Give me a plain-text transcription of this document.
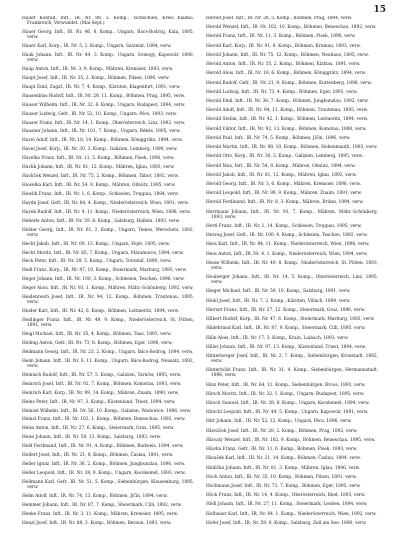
15

Hauer Konrad, Inft., IR. Nr. 88, 5. Komp., Tschechien, Kreis Kladno, Frankreich, Verwundet. (Mai-Sept.)

Hauer Georg, Inft., IR. Nr. 46, 8. Komp., Ungarn, Bács-Bodrog, Kula, 1895, verw.

Hauer Karl, Korp., IR. Nr. 5, 2. Komp., Ungarn, Szatmár, 1894, verw.

Hauk Johann, Inft., IR. Nr. 44, 3. Komp., Ungarn, Somogy, Kaposvár, 1890, verw.

Haup Anton, Inft., IR. Nr. 3, 9. Komp., Mähren, Kremsier, 1893, verw.

Haupt Josef, Inft., IR. Nr. 35, 2. Komp., Böhmen, Pilsen, 1896, verw.

Haupt Emil, Zugsf., IR. Nr. 7, 4. Komp., Kärnten, Klagenfurt, 1891, verw.

Hausenblas Rudolf, Inft., IR. Nr. 28, 11. Komp., Böhmen, Prag, 1895, verw.

Hauser Wilhelm, Inft., IR. Nr. 32, 6. Komp., Ungarn, Budapest, 1894, verw.

Hauser Ludwig, Gefr., IR. Nr. 52, 10. Komp., Ungarn, Pécs, 1893, verw.

Hauser Franz, Inft., IR. Nr. 14, 1. Komp., Oberösterreich, Linz, 1892, verw.

Hausner Johann, Inft., IR. Nr. 101, 7. Komp., Ungarn, Békés, 1895, verw.

Havel Adolf, Inft., IR. Nr. 18, 14. Komp., Böhmen, Königgrätz, 1894, verw.

Havel Josef, Korp., IR. Nr. 30, 3. Komp., Galizien, Lemberg, 1890, verw.

Havelka Franz, Inft., IR. Nr. 11, 5. Komp., Böhmen, Písek, 1896, verw.

Havlík Johann, Inft., IR. Nr. 81, 12. Komp., Mähren, Iglau, 1893, verw.

Havlíček Wenzel, Inft., IR. Nr. 75, 2. Komp., Böhmen, Tábor, 1892, verw.

Hawelka Karl, Inft., IR. Nr. 54, 9. Komp., Mähren, Olmütz, 1895, verw.

Hawlik Franz, Inft., IR. Nr. 1, 6. Komp., Schlesien, Troppau, 1894, verw.

Haydn Josef, Gefr., IR. Nr. 84, 4. Komp., Niederösterreich, Wien, 1891, verw.

Hayek Rudolf, Inft., IR. Nr. 4, 11. Komp., Niederösterreich, Wien, 1896, verw.

Heberle Anton, Inft., IR. Nr. 59, 8. Komp., Salzburg, Hallein, 1893, verw.

Hebler Georg, Inft., IR. Nr. 61, 2. Komp., Ungarn, Temes, Werschetz, 1892, verw.

Hecht Jakob, Inft., IR. Nr. 69, 13. Komp., Ungarn, Fejér, 1895, verw.

Hecht Moritz, Inft., IR. Nr. 85, 7. Komp., Ungarn, Máramaros, 1894, verw.

Heck Peter, Inft., IR. Nr. 29, 5. Komp., Ungarn, Torontál, 1890, verw.

Hedl Franz, Korp., IR. Nr. 47, 10. Komp., Steiermark, Marburg, 1893, verw.

Heger Johann, Inft., IR. Nr. 100, 3. Komp., Schlesien, Teschen, 1896, verw.

Heger Alois, Inft., IR. Nr. 93, 1. Komp., Mähren, Mähr.-Schönberg, 1892, verw.

Heidenreich Josef, Inft., IR. Nr. 94, 12. Komp., Böhmen, Trautenau, 1895, verw.

Heider Karl, Inft., IR. Nr. 42, 6. Komp., Böhmen, Leitmeritz, 1894, verw.

Heidinger Franz, Inft., IR. Nr. 49, 9. Komp., Niederösterreich, St. Pölten, 1891, verw.

Heigl Michael, Inft., IR. Nr. 35, 4. Komp., Böhmen, Taus, 1893, verw.

Heiling Anton, Gefr., IR. Nr. 73, 8. Komp., Böhmen, Eger, 1896, verw.

Heilmann Georg, Inft., IR. Nr. 23, 2. Komp., Ungarn, Bács-Bodrog, 1894, verw.

Heim Johann, Inft., IR. Nr. 6, 11. Komp., Ungarn, Bács-Bodrog, Neusatz, 1892, verw.

Heinisch Rudolf, Inft., IR. Nr. 57, 5. Komp., Galizien, Tarnów, 1895, verw.

Heinrich Josef, Inft., IR. Nr. 92, 7. Komp., Böhmen, Komotau, 1893, verw.

Heinrich Karl, Korp., IR. Nr. 99, 14. Komp., Mähren, Znaim, 1890, verw.

Heinz Peter, Inft., IR. Nr. 97, 3. Komp., Küstenland, Triest, 1894, verw.

Heinzel Wilhelm, Inft., IR. Nr. 56, 10. Komp., Galizien, Wadowice, 1896, verw.

Heinzl Franz, Inft., IR. Nr. 102, 1. Komp., Böhmen, Beneschau, 1892, verw.

Heiss Anton, Inft., IR. Nr. 27, 6. Komp., Steiermark, Graz, 1895, verw.

Heiss Johann, Inft., IR. Nr. 59, 12. Komp., Salzburg, 1893, verw.

Held Ferdinand, Inft., IR. Nr. 91, 4. Komp., Böhmen, Budweis, 1894, verw.

Helfert Josef, Inft., IR. Nr. 21, 8. Komp., Böhmen, Časlau, 1891, verw.

Heller Ignaz, Inft., IR. Nr. 36, 2. Komp., Böhmen, Jungbunzlau, 1896, verw.

Heller Leopold, Inft., IR. Nr. 38, 9. Komp., Ungarn, Kecskemét, 1893, verw.

Hellmann Karl, Gefr., IR. Nr. 51, 5. Komp., Siebenbürgen, Klausenburg, 1895, verw.

Helm Adolf, Inft., IR. Nr. 74, 13. Komp., Böhmen, Jičín, 1894, verw.

Hemmer Johann, Inft., IR. Nr. 87, 7. Komp., Steiermark, Cilli, 1892, verw.

Henke Franz, Inft., IR. Nr. 3, 11. Komp., Mähren, Kremsier, 1895, verw.

Henzl Josef, Inft., IR. Nr. 88, 3. Komp., Böhmen, Beraun, 1893, verw.

Herold Josef, Inft., IR. Nr. 28, 5. Komp., Böhmen, Prag, 1894, verw.

Herold Wenzel, Inft., IR. Nr. 102, 10. Komp., Böhmen, Beneschau, 1892, verw.

Herold Franz, Inft., IR. Nr. 11, 3. Komp., Böhmen, Pisek, 1896, verw.

Herold Karl, Korp., IR. Nr. 91, 8. Komp., Böhmen, Krumau, 1893, verw.

Herold Johann, Inft., IR. Nr. 75, 12. Komp., Böhmen, Neuhaus, 1895, verw.

Herold Anton, Inft., IR. Nr. 35, 2. Komp., Böhmen, Klattau, 1891, verw.

Herold Alois, Inft., IR. Nr. 18, 6. Komp., Böhmen, Königgrätz, 1894, verw.

Herold Rudolf, Gefr., IR. Nr. 21, 9. Komp., Böhmen, Kuttenberg, 1896, verw.

Herold Ludwig, Inft., IR. Nr. 73, 4. Komp., Böhmen, Eger, 1893, verw.

Herold Emil, Inft., IR. Nr. 36, 7. Komp., Böhmen, Jungbunzlau, 1892, verw.

Herold Adolf, Inft., IR. Nr. 94, 11. Komp., Böhmen, Trautenau, 1895, verw.

Herold Stefan, Inft., IR. Nr. 42, 1. Komp., Böhmen, Leitmeritz, 1894, verw.

Herold Viktor, Inft., IR. Nr. 92, 13. Komp., Böhmen, Komotau, 1890, verw.

Herold Paul, Inft., IR. Nr. 74, 5. Komp., Böhmen, Jičín, 1896, verw.

Herold Martin, Inft., IR. Nr. 98, 10. Komp., Böhmen, Hohenmauth, 1893, verw.

Herold Otto, Korp., IR. Nr. 30, 2. Komp., Galizien, Lemberg, 1895, verw.

Herold Max, Inft., IR. Nr. 54, 8. Komp., Mähren, Olmütz, 1894, verw.

Herold Jakob, Inft., IR. Nr. 81, 12. Komp., Mähren, Iglau, 1892, verw.

Herold Georg, Inft., IR. Nr. 3, 6. Komp., Mähren, Kremsier, 1896, verw.

Herold Leopold, Inft., IR. Nr. 99, 9. Komp., Mähren, Znaim, 1891, verw.

Herold Ferdinand, Inft., IR. Nr. 8, 3. Komp., Mähren, Brünn, 1894, verw.

Herrmann Johann, Inft., IR. Nr. 93, 7. Komp., Mähren, Mähr.-Schönberg, 1893, verw.

Hertl Franz, Inft., IR. Nr. 1, 14. Komp., Schlesien, Troppau, 1895, verw.

Herzog Josef, Gefr., IR. Nr. 100, 4. Komp., Schlesien, Teschen, 1892, verw.

Hess Karl, Inft., IR. Nr. 84, 11. Komp., Niederösterreich, Wien, 1896, verw.

Hess Anton, Inft., IR. Nr. 4, 1. Komp., Niederösterreich, Wien, 1894, verw.

Hesse Wilhelm, Inft., IR. Nr. 49, 8. Komp., Niederösterreich, St. Pölten, 1893, verw.

Heuberger Johann, Inft., IR. Nr. 14, 5. Komp., Oberösterreich, Linz, 1895, verw.

Hieger Michael, Inft., IR. Nr. 59, 10. Komp., Salzburg, 1891, verw.

Hiebl Josef, Inft., IR. Nr. 7, 2. Komp., Kärnten, Villach, 1894, verw.

Hierzer Franz, Inft., IR. Nr. 27, 12. Komp., Steiermark, Graz, 1896, verw.

Hilbert Rudolf, Korp., IR. Nr. 47, 6. Komp., Steiermark, Marburg, 1892, verw.

Hildebrand Karl, Inft., IR. Nr. 87, 9. Komp., Steiermark, Cilli, 1895, verw.

Hille Alois, Inft., IR. Nr. 17, 3. Komp., Krain, Laibach, 1893, verw.

Hiller Johann, Inft., IR. Nr. 97, 13. Komp., Küstenland, Triest, 1894, verw.

Hinterberger Josef, Inft., IR. Nr. 2, 7. Komp., Siebenbürgen, Kronstadt, 1892, verw.

Hinterhölzl Franz, Inft., IR. Nr. 31, 4. Komp., Siebenbürgen, Hermannstadt, 1896, verw.

Hinz Peter, Inft., IR. Nr. 64, 11. Komp., Siebenbürgen, Broos, 1893, verw.

Hirsch Moritz, Inft., IR. Nr. 32, 1. Komp., Ungarn, Budapest, 1895, verw.

Hirsch Samuel, Inft., IR. Nr. 38, 8. Komp., Ungarn, Kecskemét, 1894, verw.

Hirschl Leopold, Inft., IR. Nr. 44, 5. Komp., Ungarn, Kaposvár, 1891, verw.

Hirt Johann, Inft., IR. Nr. 52, 12. Komp., Ungarn, Pécs, 1896, verw.

Hlaváček Josef, Inft., IR. Nr. 28, 2. Komp., Böhmen, Prag, 1892, verw.

Hlavatý Wenzel, Inft., IR. Nr. 102, 9. Komp., Böhmen, Beneschau, 1895, verw.

Hlavka Franz, Gefr., IR. Nr. 11, 6. Komp., Böhmen, Písek, 1893, verw.

Hloušek Karl, Inft., IR. Nr. 21, 14. Komp., Böhmen, Časlau, 1894, verw.

Hnilička Johann, Inft., IR. Nr. 81, 3. Komp., Mähren, Iglau, 1896, verw.

Hoch Anton, Inft., IR. Nr. 35, 10. Komp., Böhmen, Pilsen, 1891, verw.

Hochmann Josef, Inft., IR. Nr. 73, 7. Komp., Böhmen, Eger, 1895, verw.

Höck Franz, Inft., IR. Nr. 14, 4. Komp., Oberösterreich, Ried, 1893, verw.

Hödl Johann, Inft., IR. Nr. 27, 11. Komp., Steiermark, Leoben, 1894, verw.

Hofbauer Karl, Inft., IR. Nr. 84, 1. Komp., Niederösterreich, Wien, 1892, verw.

Hofer Josef, Inft., IR. Nr. 59, 8. Komp., Salzburg, Zell am See, 1896, verw.
